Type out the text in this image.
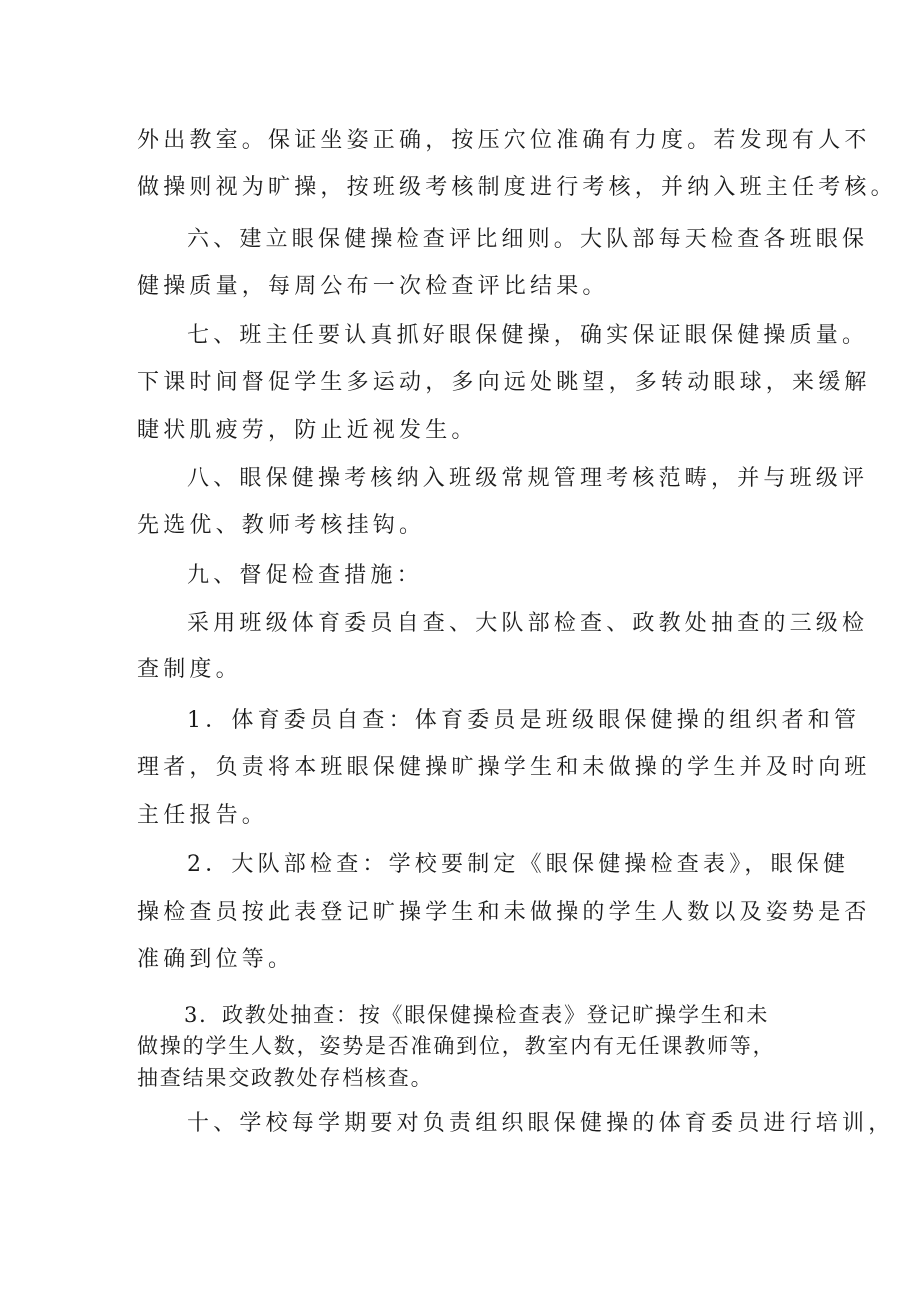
外出教室。保证坐姿正确，按压穴位准确有力度。若发现有人不
做操则视为旷操，按班级考核制度进行考核，并纳入班主任考核。
六、建立眼保健操检查评比细则。大队部每天检查各班眼保
健操质量，每周公布一次检查评比结果。
七、班主任要认真抓好眼保健操，确实保证眼保健操质量。
下课时间督促学生多运动，多向远处眺望，多转动眼球，来缓解
睫状肌疲劳，防止近视发生。
八、眼保健操考核纳入班级常规管理考核范畴，并与班级评
先选优、教师考核挂钩。
九、督促检查措施：
采用班级体育委员自查、大队部检查、政教处抽查的三级检
查制度。
1．体育委员自查：体育委员是班级眼保健操的组织者和管
理者，负责将本班眼保健操旷操学生和未做操的学生并及时向班
主任报告。
2．大队部检查：学校要制定《眼保健操检查表》，眼保健
操检查员按此表登记旷操学生和未做操的学生人数以及姿势是否
准确到位等。
3．政教处抽查：按《眼保健操检查表》登记旷操学生和未
做操的学生人数，姿势是否准确到位，教室内有无任课教师等，
抽查结果交政教处存档核查。
十、学校每学期要对负责组织眼保健操的体育委员进行培训，
